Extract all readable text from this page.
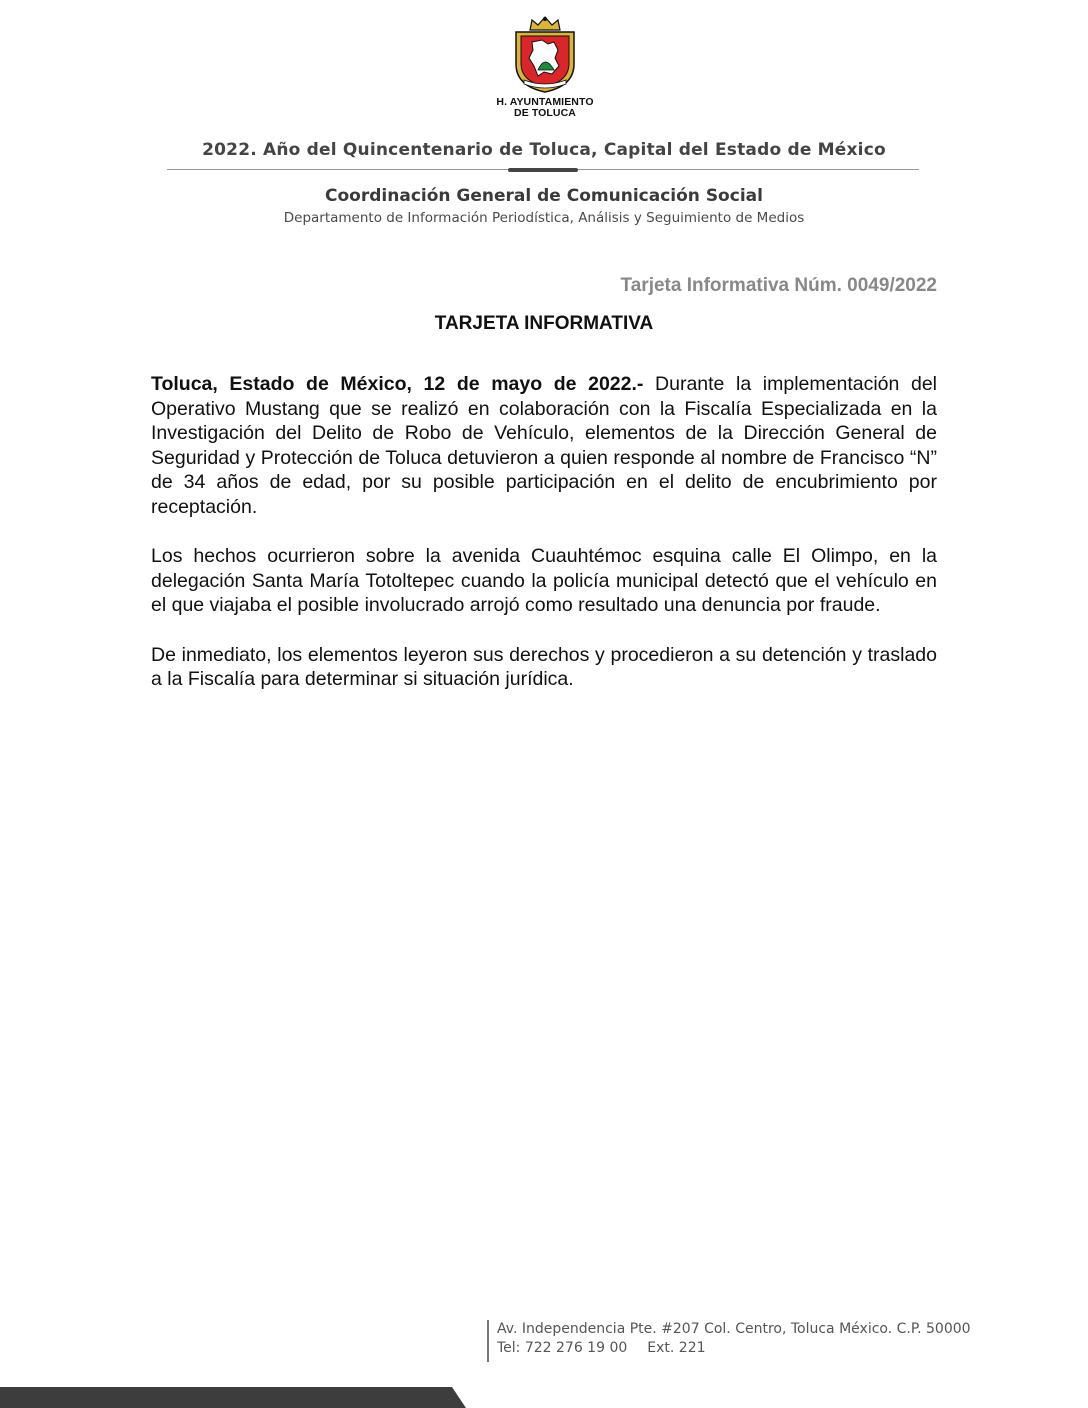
H. AYUNTAMIENTO
DE TOLUCA
2022. Año del Quincentenario de Toluca, Capital del Estado de México
Coordinación General de Comunicación Social
Departamento de Información Periodística, Análisis y Seguimiento de Medios
Tarjeta Informativa Núm. 0049/2022
TARJETA INFORMATIVA

Toluca, Estado de México, 12 de mayo de 2022.- Durante la implementación del Operativo Mustang que se realizó en colaboración con la Fiscalía Especializada en la Investigación del Delito de Robo de Vehículo, elementos de la Dirección General de Seguridad y Protección de Toluca detuvieron a quien responde al nombre de Francisco “N” de 34 años de edad, por su posible participación en el delito de encubrimiento por receptación.

Los hechos ocurrieron sobre la avenida Cuauhtémoc esquina calle El Olimpo, en la delegación Santa María Totoltepec cuando la policía municipal detectó que el vehículo en el que viajaba el posible involucrado arrojó como resultado una denuncia por fraude.

De inmediato, los elementos leyeron sus derechos y procedieron a su detención y traslado a la Fiscalía para determinar si situación jurídica.

Av. Independencia Pte. #207 Col. Centro, Toluca México. C.P. 50000
Tel: 722 276 19 00 Ext. 221
